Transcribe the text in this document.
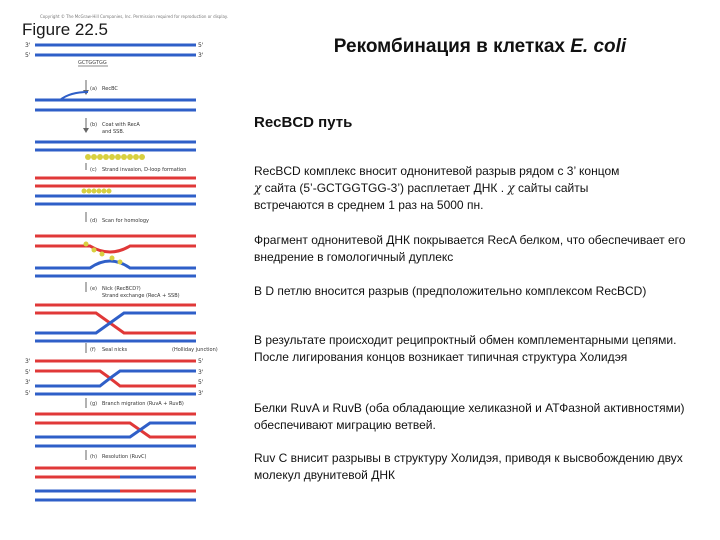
Copyright © The McGraw-Hill Companies, Inc. Permission required for reproduction or display.
Figure 22.5
3'
5'
5'
3'
GCTGGTGG
(a) RecBC
(b) Coat with RecA
and SSB.
(c) Strand invasion, D-loop formation
(d) Scan for homology
(e) Nick (RecBCD?)
Strand exchange (RecA + SSB)
(f) Seal nicks	(Holliday junction)
3'
5'
3'
5'
5'
3'
5'
3'
(g) Branch migration (RuvA + RuvB)
(h) Resolution (RuvC)
Рекомбинация в клетках E. coli
RecBCD путь
RecBCD комплекс вносит однонитевой разрыв рядом с 3’ концом
χ сайта (5’-GCTGGTGG-3’) расплетает ДНК . χ сайты сайты
встречаются в среднем 1 раз на 5000 пн.
Фрагмент однонитевой ДНК покрывается RecA белком, что обеспечивает его внедрение в гомологичный дуплекс
В D петлю вносится разрыв (предположительно комплексом RecBCD)
В результате происходит реципроктный обмен комплементарными цепями. После лигирования концов возникает типичная структура Холидэя
Белки RuvA и RuvB (оба обладающие хеликазной и АТФазной активностями) обеспечивают миграцию ветвей.
Ruv C внисит разрывы в структуру Холидэя, приводя к высвобождению двух молекул двунитевой ДНК
